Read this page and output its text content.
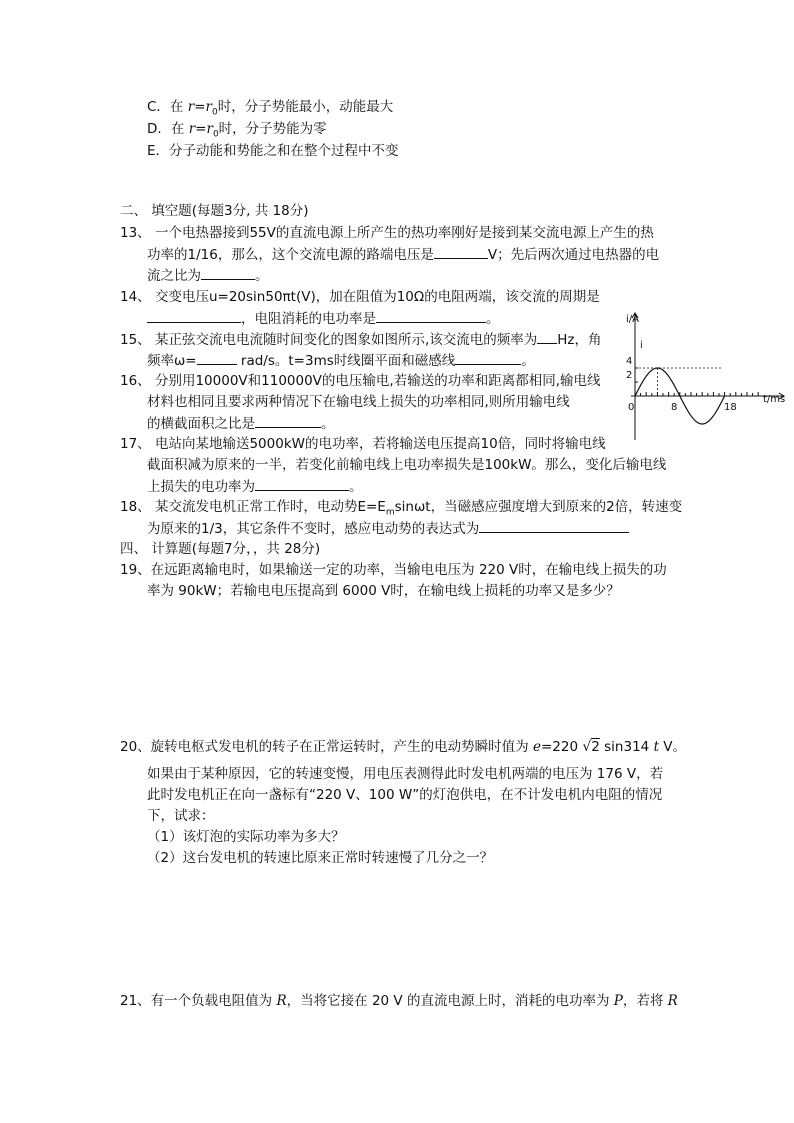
C．在 $r=r_0$时，分子势能最小，动能最大
D．在 $r=r_0$时，分子势能为零
E．分子动能和势能之和在整个过程中不变
二、 填空题(每题3分, 共 18分)
13、 一个电热器接到55V的直流电源上所产生的热功率刚好是接到某交流电源上产生的热
功率的1/16，那么，这个交流电源的路端电压是	V；先后两次通过电热器的电
流之比为	。
14、 交变电压u=20sin50πt(V)，加在阻值为10Ω的电阻两端，该交流的周期是
，电阻消耗的电功率是	。
15、 某正弦交流电电流随时间变化的图象如图所示,该交流电的频率为 Hz，角
频率ω=	rad/s。t=3ms时线圈平面和磁感线	。
16、 分别用10000V和110000V的电压输电,若输送的功率和距离都相同,输电线
材料也相同且要求两种情况下在输电线上损失的功率相同,则所用输电线
的横截面积之比是	。
17、 电站向某地输送5000kW的电功率，若将输送电压提高10倍，同时将输电线
截面积减为原来的一半，若变化前输电线上电功率损失是100kW。那么，变化后输电线
上损失的电功率为	。
18、 某交流发电机正常工作时，电动势$E=E_m\sin\omega t$，当磁感应强度增大到原来的2倍，转速变
为原来的1/3，其它条件不变时，感应电动势的表达式为
四、 计算题(每题7分，，共 28分)
19、在远距离输电时，如果输送一定的功率，当输电电压为 220 V时，在输电线上损失的功
率为 90kW；若输电电压提高到 6000 V时，在输电线上损耗的功率又是多少？
20、旋转电枢式发电机的转子在正常运转时，产生的电动势瞬时值为 e=220 √2 sin314 t V。
如果由于某种原因，它的转速变慢，用电压表测得此时发电机两端的电压为 176 V，若
此时发电机正在向一盏标有“220 V、100 W”的灯泡供电，在不计发电机内电阻的情况
下，试求：
（1）该灯泡的实际功率为多大？
（2）这台发电机的转速比原来正常时转速慢了几分之一？
21、有一个负载电阻值为 R，当将它接在 20 V 的直流电源上时，消耗的电功率为 P，若将 R
i/A
i
t/ms
4
2
0	8	18
